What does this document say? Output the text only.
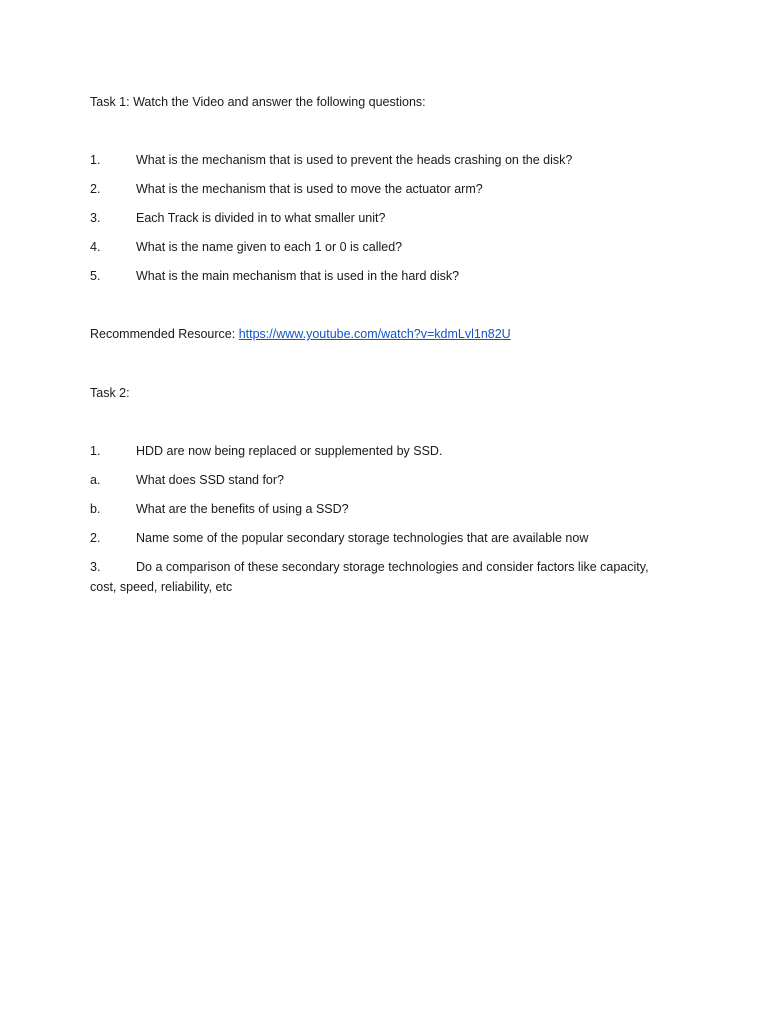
Task 1: Watch the Video and answer the following questions:
1.	What is the mechanism that is used to prevent the heads crashing on the disk?
2.	What is the mechanism that is used to move the actuator arm?
3.	Each Track is divided in to what smaller unit?
4.	What is the name given to each 1 or 0 is called?
5.	What is the main mechanism that is used in the hard disk?
Recommended Resource: https://www.youtube.com/watch?v=kdmLvl1n82U
Task 2:
1.	HDD are now being replaced or supplemented by SSD.
a.	What does SSD stand for?
b.	What are the benefits of using a SSD?
2.	Name some of the popular secondary storage technologies that are available now
3.	Do a comparison of these secondary storage technologies and consider factors like capacity, cost, speed, reliability, etc
